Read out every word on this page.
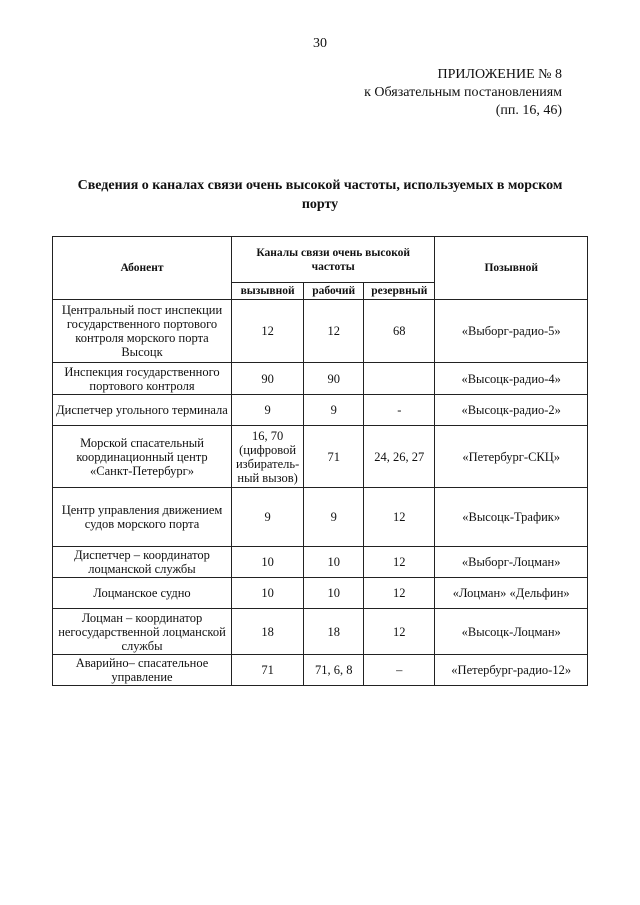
30
ПРИЛОЖЕНИЕ № 8
к Обязательным постановлениям
(пп. 16, 46)
Сведения о каналах связи очень высокой частоты, используемых в морском порту
Абонент	Каналы связи очень высокой частоты			Позывной
	вызывной	рабочий	резервный	
Центральный пост инспекции государственного портового контроля морского порта Высоцк	12	12	68	«Выборг-радио-5»
Инспекция государственного портового контроля	90	90		«Высоцк-радио-4»
Диспетчер угольного терминала	9	9	-	«Высоцк-радио-2»
Морской спасательный координационный центр «Санкт-Петербург»	16, 70 (цифровой избиратель-ный вызов)	71	24, 26, 27	«Петербург-СКЦ»
Центр управления движением судов морского порта	9	9	12	«Высоцк-Трафик»
Диспетчер – координатор лоцманской службы	10	10	12	«Выборг-Лоцман»
Лоцманское судно	10	10	12	«Лоцман» «Дельфин»
Лоцман – координатор негосударственной лоцманской службы	18	18	12	«Высоцк-Лоцман»
Аварийно– спасательное управление	71	71, 6, 8	–	«Петербург-радио-12»
